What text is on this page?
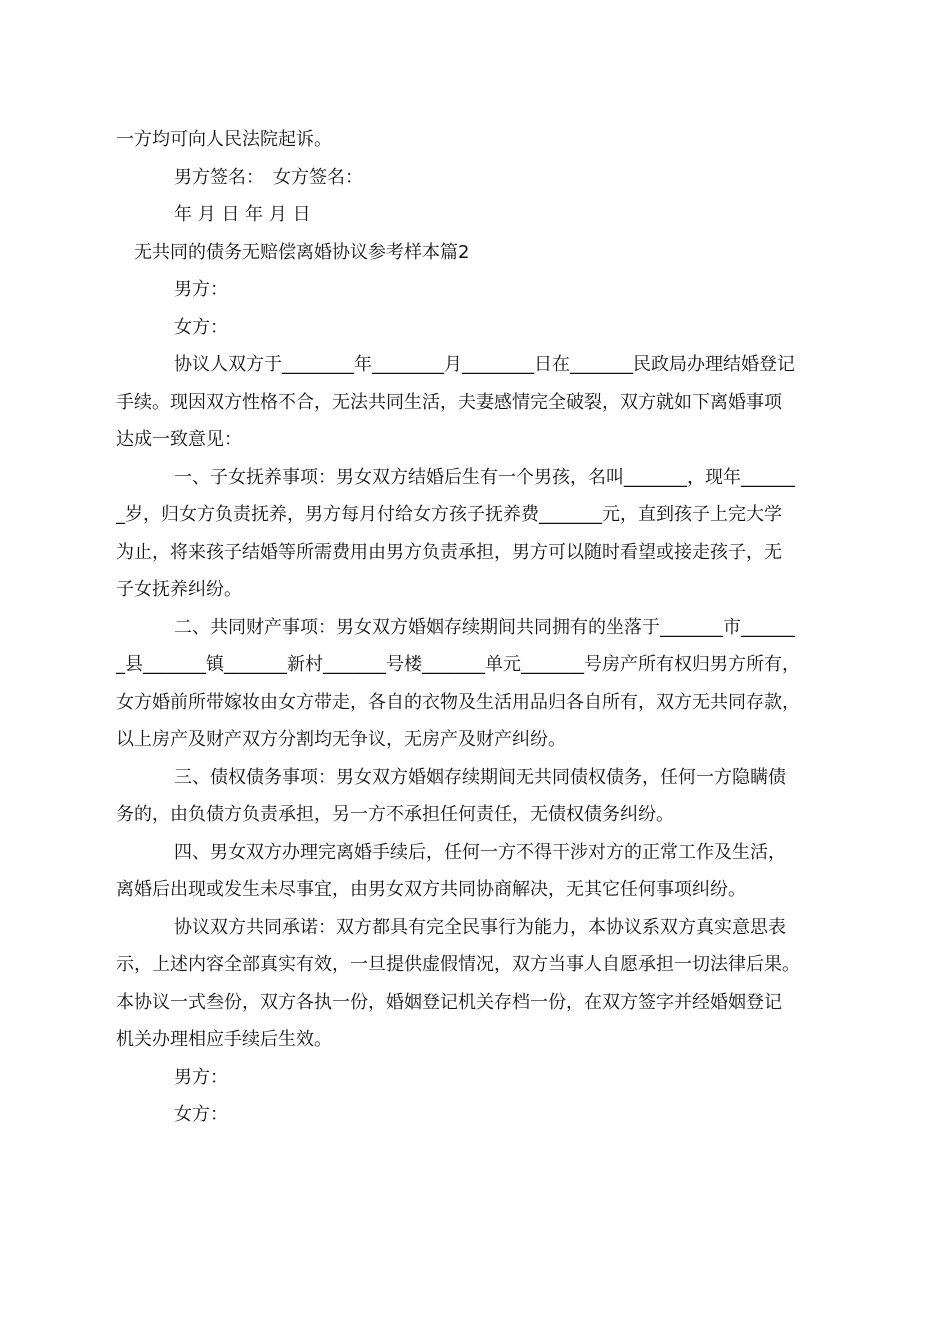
一方均可向人民法院起诉。
男方签名：　女方签名：
年 月 日 年 月 日
无共同的债务无赔偿离婚协议参考样本篇2
男方：
女方：
协议人双方于________年________月________日在_______民政局办理结婚登记
手续。现因双方性格不合，无法共同生活，夫妻感情完全破裂，双方就如下离婚事项
达成一致意见：
一、子女抚养事项：男女双方结婚后生有一个男孩，名叫_______，现年______
_岁，归女方负责抚养，男方每月付给女方孩子抚养费_______元，直到孩子上完大学
为止，将来孩子结婚等所需费用由男方负责承担，男方可以随时看望或接走孩子，无
子女抚养纠纷。
二、共同财产事项：男女双方婚姻存续期间共同拥有的坐落于_______市______
_县_______镇_______新村_______号楼_______单元_______号房产所有权归男方所有，
女方婚前所带嫁妆由女方带走，各自的衣物及生活用品归各自所有，双方无共同存款，
以上房产及财产双方分割均无争议，无房产及财产纠纷。
三、债权债务事项：男女双方婚姻存续期间无共同债权债务，任何一方隐瞒债
务的，由负债方负责承担，另一方不承担任何责任，无债权债务纠纷。
四、男女双方办理完离婚手续后，任何一方不得干涉对方的正常工作及生活，
离婚后出现或发生未尽事宜，由男女双方共同协商解决，无其它任何事项纠纷。
协议双方共同承诺：双方都具有完全民事行为能力，本协议系双方真实意思表
示，上述内容全部真实有效，一旦提供虚假情况，双方当事人自愿承担一切法律后果。
本协议一式叁份，双方各执一份，婚姻登记机关存档一份，在双方签字并经婚姻登记
机关办理相应手续后生效。
男方：
女方：
